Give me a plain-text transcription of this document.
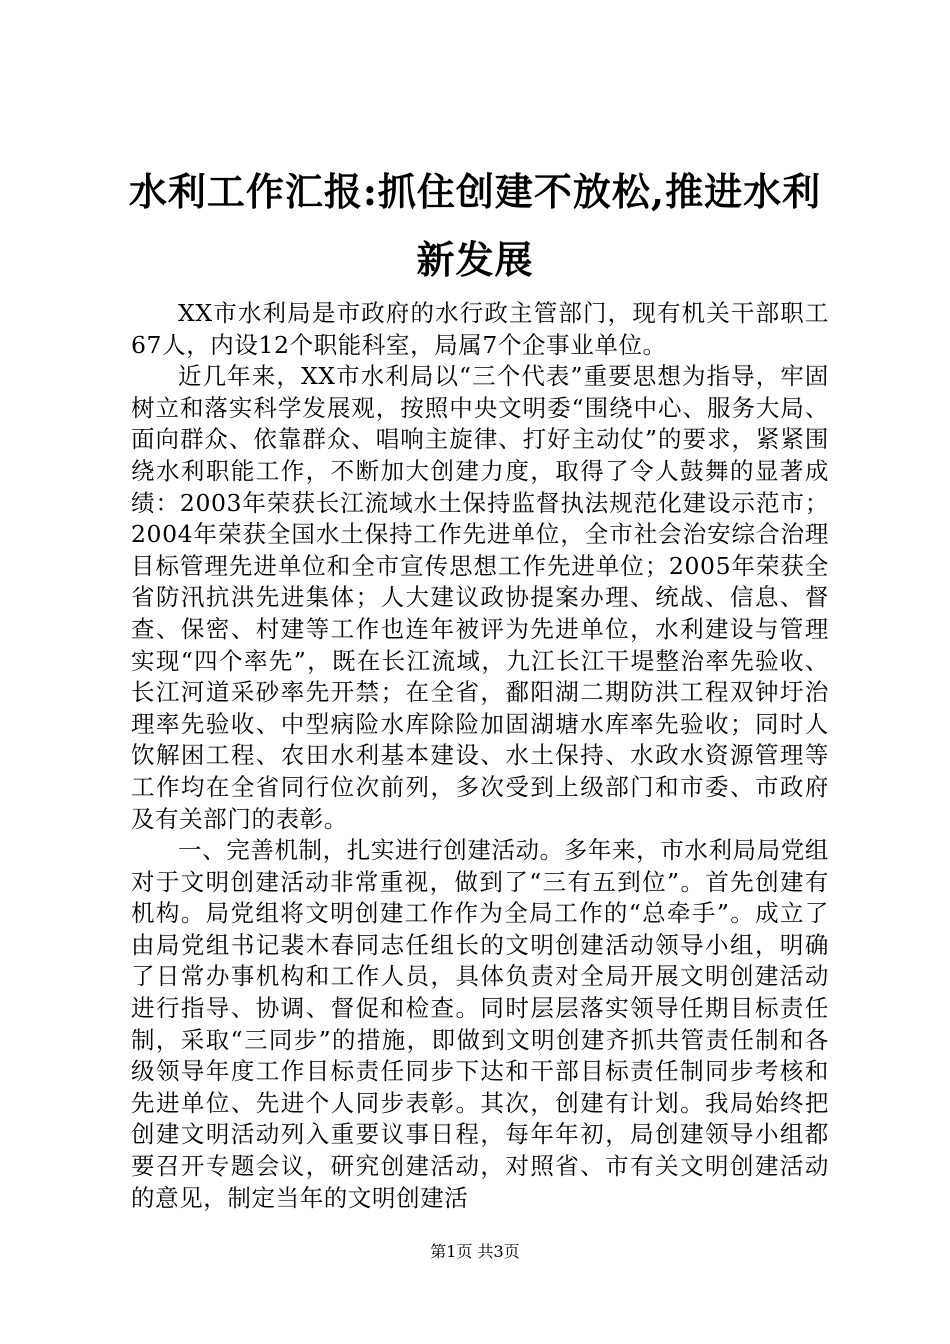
水利工作汇报:抓住创建不放松,推进水利新发展

XX市水利局是市政府的水行政主管部门，现有机关干部职工67人，内设12个职能科室，局属7个企事业单位。

近几年来，XX市水利局以“三个代表”重要思想为指导，牢固树立和落实科学发展观，按照中央文明委“围绕中心、服务大局、面向群众、依靠群众、唱响主旋律、打好主动仗”的要求，紧紧围绕水利职能工作，不断加大创建力度，取得了令人鼓舞的显著成绩：2003年荣获长江流域水土保持监督执法规范化建设示范市；2004年荣获全国水土保持工作先进单位，全市社会治安综合治理目标管理先进单位和全市宣传思想工作先进单位；2005年荣获全省防汛抗洪先进集体；人大建议政协提案办理、统战、信息、督查、保密、村建等工作也连年被评为先进单位，水利建设与管理实现“四个率先”，既在长江流域，九江长江干堤整治率先验收、长江河道采砂率先开禁；在全省，鄱阳湖二期防洪工程双钟圩治理率先验收、中型病险水库除险加固湖塘水库率先验收；同时人饮解困工程、农田水利基本建设、水土保持、水政水资源管理等工作均在全省同行位次前列，多次受到上级部门和市委、市政府及有关部门的表彰。

一、完善机制，扎实进行创建活动。多年来，市水利局局党组对于文明创建活动非常重视，做到了“三有五到位”。首先创建有机构。局党组将文明创建工作作为全局工作的“总牵手”。成立了由局党组书记裴木春同志任组长的文明创建活动领导小组，明确了日常办事机构和工作人员，具体负责对全局开展文明创建活动进行指导、协调、督促和检查。同时层层落实领导任期目标责任制，采取“三同步”的措施，即做到文明创建齐抓共管责任制和各级领导年度工作目标责任同步下达和干部目标责任制同步考核和先进单位、先进个人同步表彰。其次，创建有计划。我局始终把创建文明活动列入重要议事日程，每年年初，局创建领导小组都要召开专题会议，研究创建活动，对照省、市有关文明创建活动的意见，制定当年的文明创建活

第1页 共3页
